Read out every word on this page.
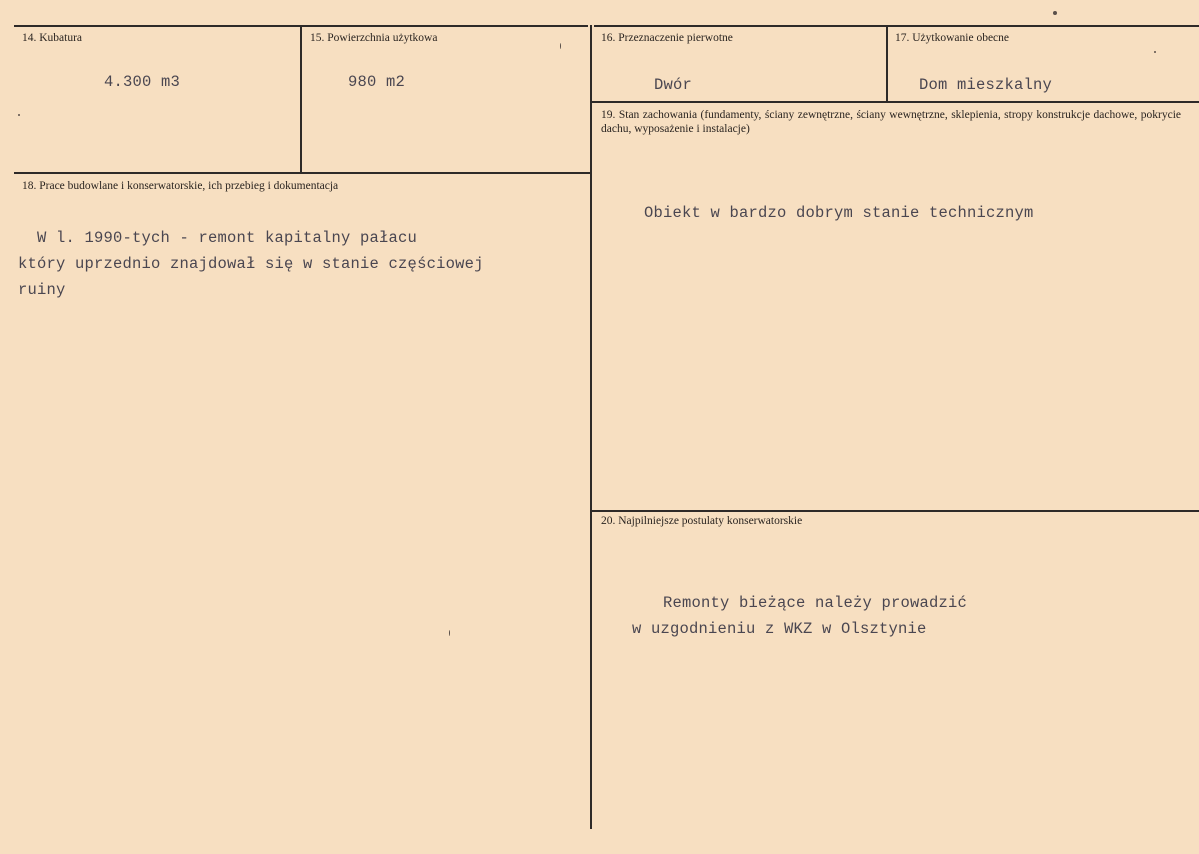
14. Kubatura
4.300 m3
15. Powierzchnia użytkowa
980 m2
16. Przeznaczenie pierwotne
Dwór
17. Użytkowanie obecne
Dom mieszkalny
18. Prace budowlane i konserwatorskie, ich przebieg i dokumentacja
W l. 1990-tych - remont kapitalny pałacu
który uprzednio znajdował się w stanie częściowej
ruiny
19. Stan zachowania (fundamenty, ściany zewnętrzne, ściany wewnętrzne, sklepienia, stropy konstrukcje dachowe, pokrycie dachu, wyposażenie i instalacje)
Obiekt w bardzo dobrym stanie technicznym
20. Najpilniejsze postulaty konserwatorskie
Remonty bieżące należy prowadzić
w uzgodnieniu z WKZ w Olsztynie
